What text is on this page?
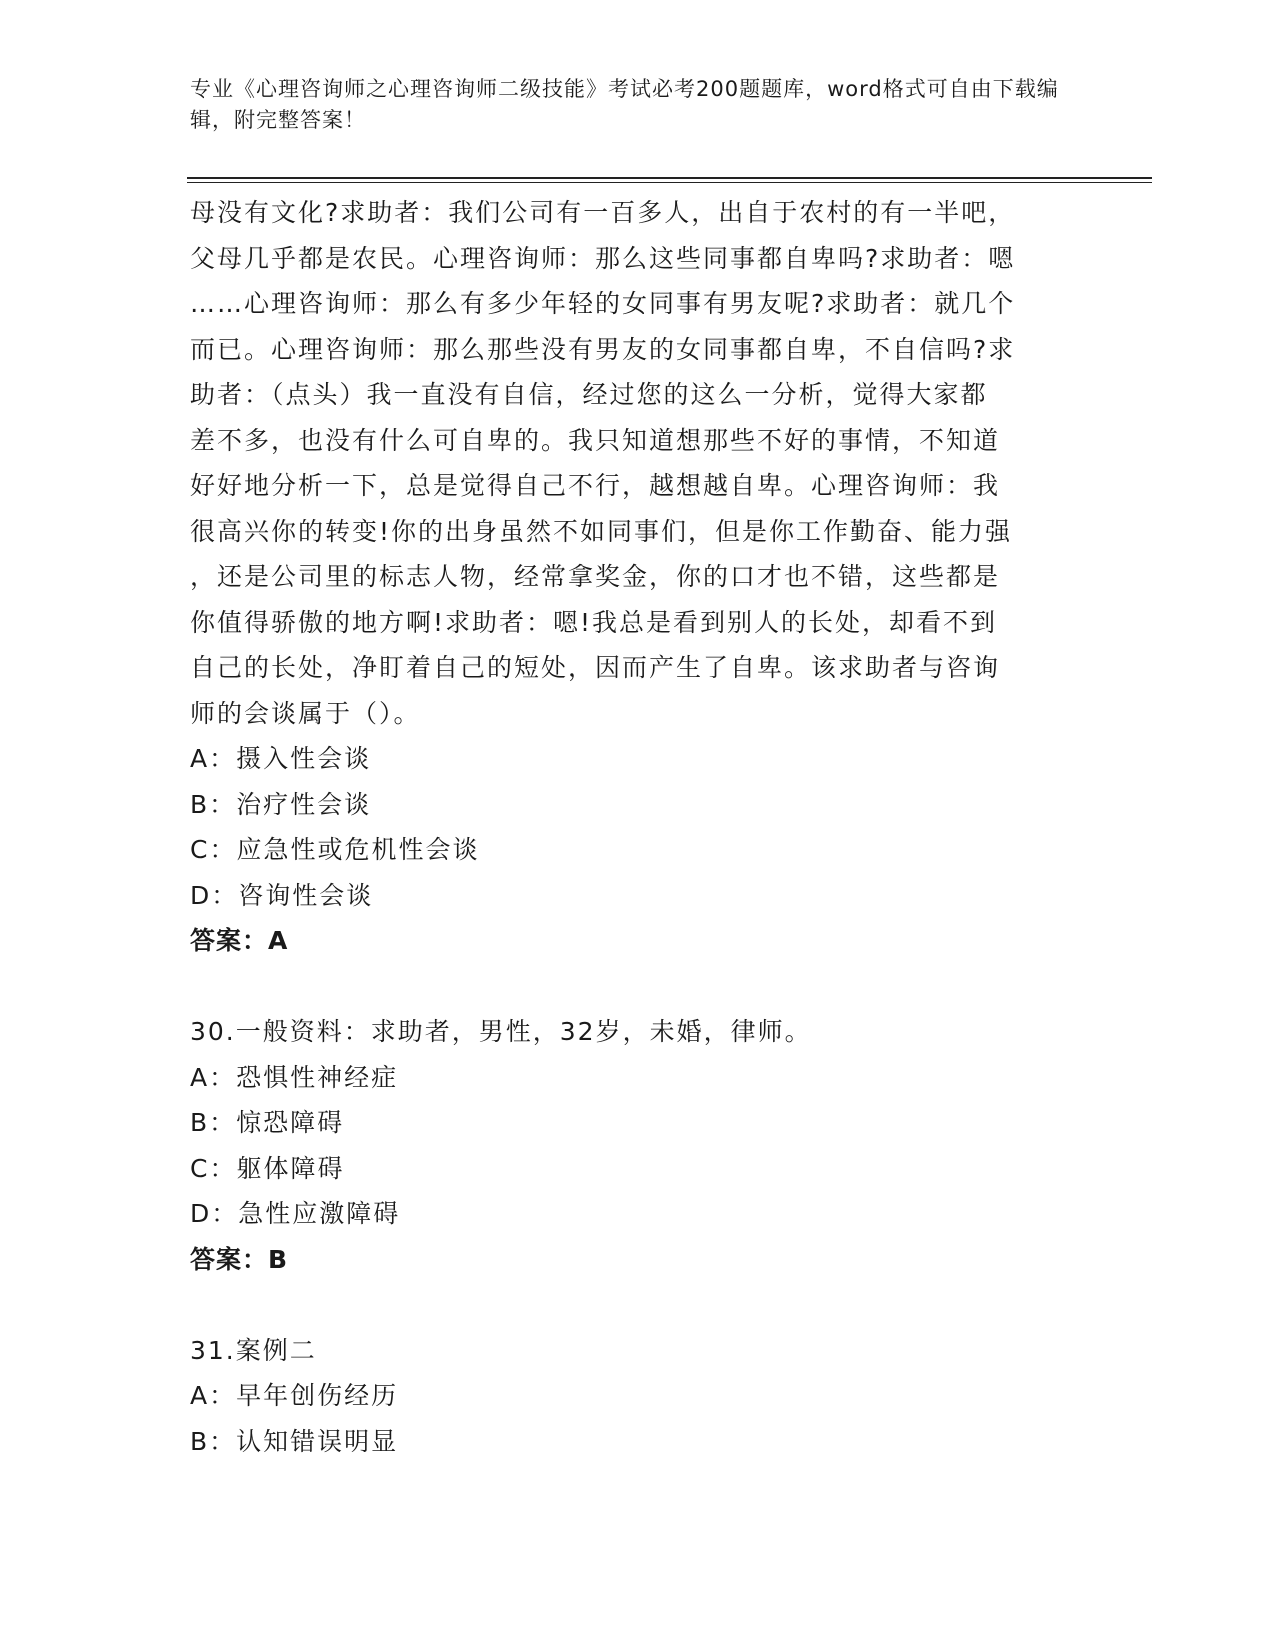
专业《心理咨询师之心理咨询师二级技能》考试必考200题题库，word格式可自由下载编辑，附完整答案！
母没有文化?求助者：我们公司有一百多人，出自于农村的有一半吧，
父母几乎都是农民。心理咨询师：那么这些同事都自卑吗?求助者：嗯
……心理咨询师：那么有多少年轻的女同事有男友呢?求助者：就几个
而已。心理咨询师：那么那些没有男友的女同事都自卑，不自信吗?求
助者：（点头）我一直没有自信，经过您的这么一分析，觉得大家都
差不多，也没有什么可自卑的。我只知道想那些不好的事情，不知道
好好地分析一下，总是觉得自己不行，越想越自卑。心理咨询师：我
很高兴你的转变!你的出身虽然不如同事们，但是你工作勤奋、能力强
，还是公司里的标志人物，经常拿奖金，你的口才也不错，这些都是
你值得骄傲的地方啊!求助者：嗯!我总是看到别人的长处，却看不到
自己的长处，净盯着自己的短处，因而产生了自卑。该求助者与咨询
师的会谈属于（）。
A：摄入性会谈
B：治疗性会谈
C：应急性或危机性会谈
D：咨询性会谈
答案：A
30.一般资料：求助者，男性，32岁，未婚，律师。
A：恐惧性神经症
B：惊恐障碍
C：躯体障碍
D：急性应激障碍
答案：B
31.案例二
A：早年创伤经历
B：认知错误明显
